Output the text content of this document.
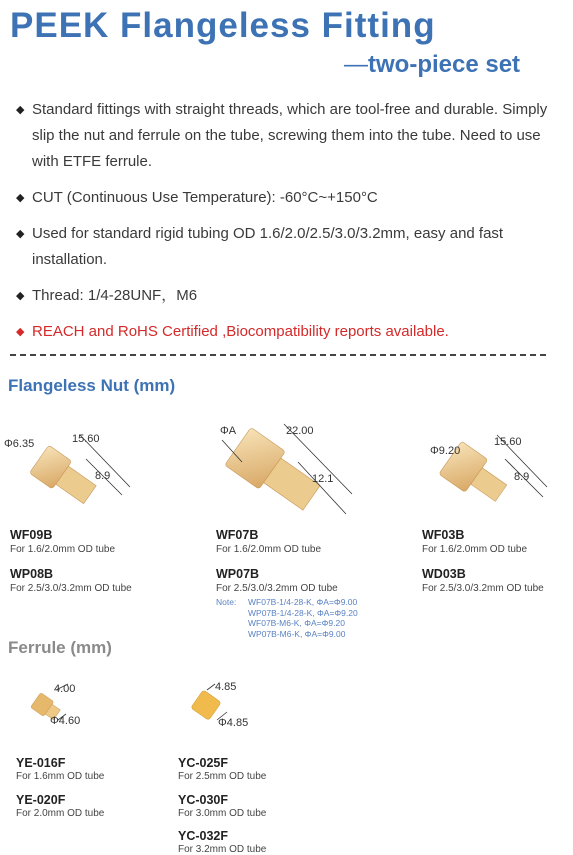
PEEK Flangeless Fitting
—two-piece set
◆ Standard fittings with straight threads, which are tool-free and durable. Simply slip the nut and ferrule on the tube, screwing them into the tube. Need to use with ETFE ferrule.
◆ CUT (Continuous Use Temperature): -60°C~+150°C
◆ Used for standard rigid tubing OD 1.6/2.0/2.5/3.0/3.2mm, easy and fast installation.
◆ Thread: 1/4-28UNF，M6
◆ REACH and RoHS Certified ,Biocompatibility reports available.
Flangeless Nut (mm)
Φ6.35	15.60
8.9
WF09B
For 1.6/2.0mm OD tube
WP08B
For 2.5/3.0/3.2mm OD tube
ΦA	22.00
12.1
WF07B
For 1.6/2.0mm OD tube
WP07B
For 2.5/3.0/3.2mm OD tube
Note: WF07B-1/4-28-K, ΦA=Φ9.00
WP07B-1/4-28-K, ΦA=Φ9.20
WF07B-M6-K, ΦA=Φ9.20
WP07B-M6-K, ΦA=Φ9.00
Φ9.20
15.60
8.9
WF03B
For 1.6/2.0mm OD tube
WD03B
For 2.5/3.0/3.2mm OD tube
Ferrule (mm)
4.00
Φ4.60
YE-016F
For 1.6mm OD tube
YE-020F
For 2.0mm OD tube
4.85
Φ4.85
YC-025F
For 2.5mm OD tube
YC-030F
For 3.0mm OD tube
YC-032F
For 3.2mm OD tube
